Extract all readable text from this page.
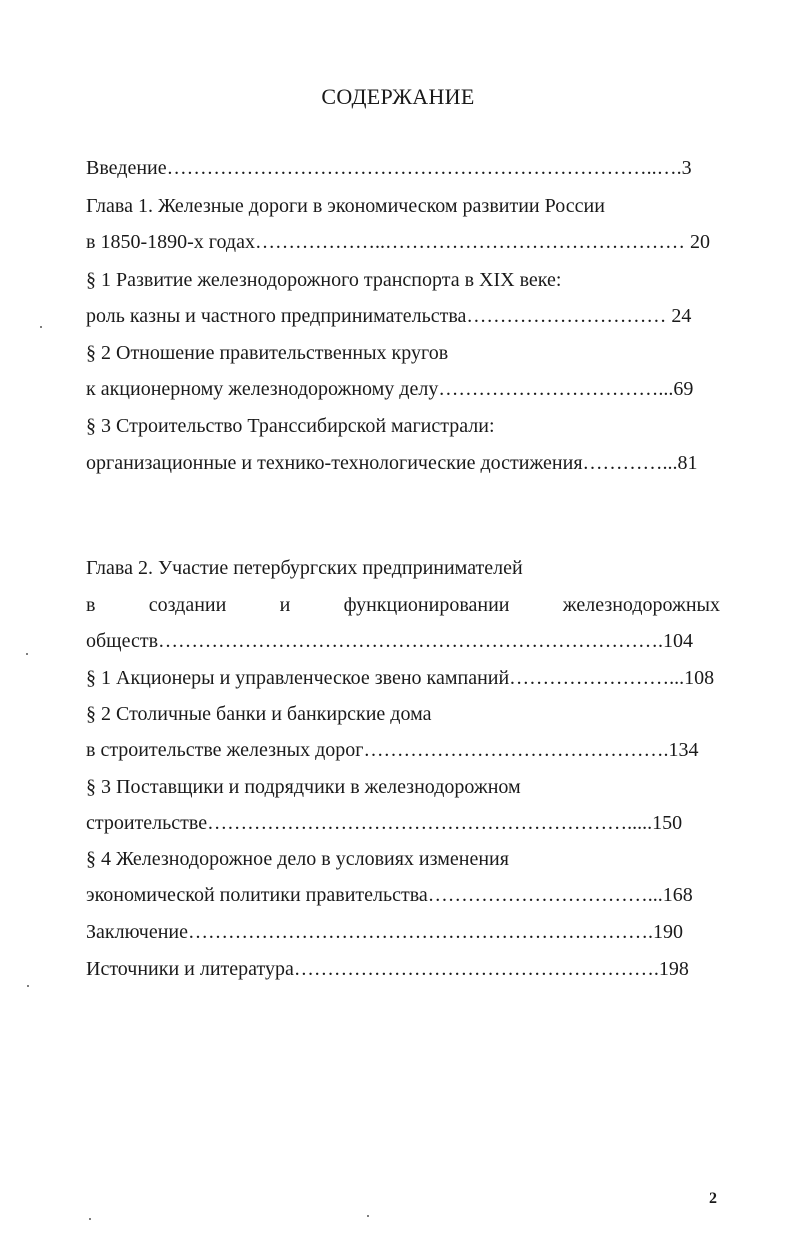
СОДЕРЖАНИЕ
Введение………………………………………………………………..….3
Глава 1. Железные дороги в экономическом развитии России
в 1850-1890-х годах………………..……………………………………… 20
§ 1 Развитие железнодорожного транспорта в XIX веке:
роль казны и частного предпринимательства………………………… 24
§ 2 Отношение правительственных кругов
к акционерному железнодорожному делу……………………………...69
§ 3 Строительство Транссибирской магистрали:
организационные и технико-технологические достижения…………...81
Глава 2. Участие петербургских предпринимателей
в	создании	и	функционировании	железнодорожных
обществ………………………………………………………………….104
§ 1 Акционеры и управленческое звено кампаний……………………...108
§ 2 Столичные банки и банкирские дома
в строительстве железных дорог……………………………………….134
§ 3 Поставщики и подрядчики в железнодорожном
строительстве……………………………………………………….....150
§ 4 Железнодорожное дело в условиях изменения
экономической политики правительства……………………………...168
Заключение…………………………………………………………….190
Источники и литература……………………………………………….198
2
